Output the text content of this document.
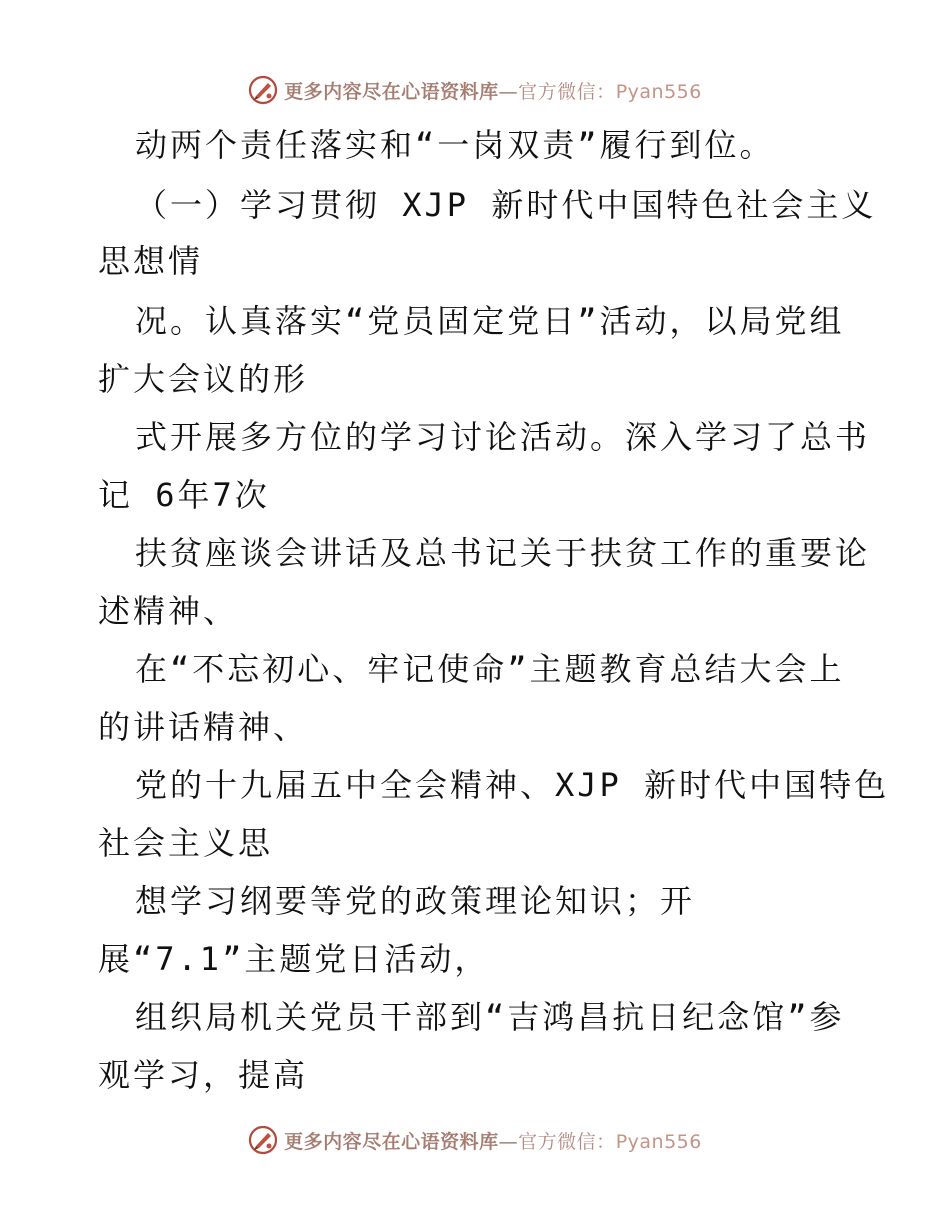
更多内容尽在心语资料库—官方微信：Pyan556
动两个责任落实和“一岗双责”履行到位。
（一）学习贯彻 XJP 新时代中国特色社会主义
思想情
况。认真落实“党员固定党日”活动，以局党组
扩大会议的形
式开展多方位的学习讨论活动。深入学习了总书
记 6年7次
扶贫座谈会讲话及总书记关于扶贫工作的重要论
述精神、
在“不忘初心、牢记使命”主题教育总结大会上
的讲话精神、
党的十九届五中全会精神、XJP 新时代中国特色
社会主义思
想学习纲要等党的政策理论知识；开
展“7.1”主题党日活动，
组织局机关党员干部到“吉鸿昌抗日纪念馆”参
观学习，提高
更多内容尽在心语资料库—官方微信：Pyan556
